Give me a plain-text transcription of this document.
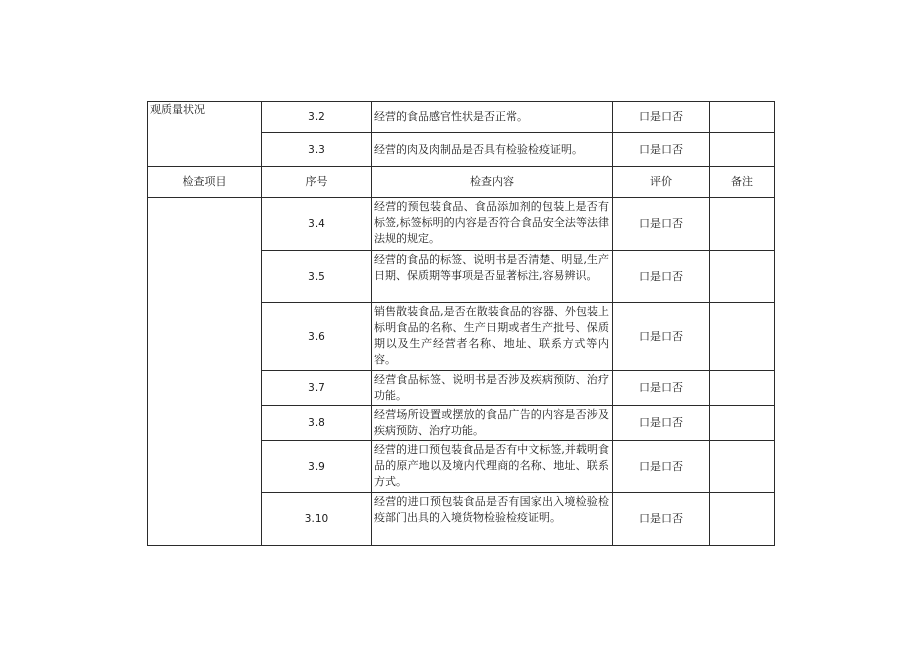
观质量状况	3.2	经营的食品感官性状是否正常。	口是口否	
	3.3	经营的肉及肉制品是否具有检验检疫证明。	口是口否	
检查项目	序号	检查内容	评价	备注
	3.4	经营的预包装食品、食品添加剂的包装上是否有标签,标签标明的内容是否符合食品安全法等法律法规的规定。	口是口否	
	3.5	经营的食品的标签、说明书是否清楚、明显,生产日期、保质期等事项是否显著标注,容易辨识。	口是口否	
	3.6	销售散装食品,是否在散装食品的容器、外包装上标明食品的名称、生产日期或者生产批号、保质期以及生产经营者名称、地址、联系方式等内容。	口是口否	
	3.7	经营食品标签、说明书是否涉及疾病预防、治疗功能。	口是口否	
	3.8	经营场所设置或摆放的食品广告的内容是否涉及疾病预防、治疗功能。	口是口否	
	3.9	经营的进口预包装食品是否有中文标签,并载明食品的原产地以及境内代理商的名称、地址、联系方式。	口是口否	
	3.10	经营的进口预包装食品是否有国家出入境检验检疫部门出具的入境货物检验检疫证明。	口是口否	
